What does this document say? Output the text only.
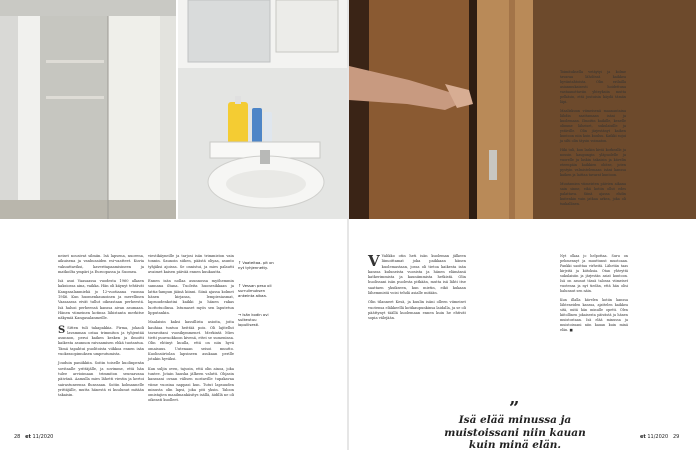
neiset nousivat silmiin. Isä lapsena, nuorena, aikuisena ja vanhusaiden esi-vaatteet. Kuvia vakuuttaviksi, kaveritapaamisineen ja matkoilta ympäri ja Euroopassa ja Suomea.

Isä asui Vaasaassa vuodesta 1960 alkaen kaksiossa aina, vaikka. Hän oli käynyt tehtävät Kangasalanmiehä jo 12-vuotiaana vuonna 1946. Kun huomenkaunoinen ja merellinen Vaasaassa eivät tullut oikeastaan perheestä. Isä halusi perheensä kanssa aivan asumaan. Hänen viimeinen kotinsa lähistanta merkitse näkymiä Kangasalanmeille.

S Sitten tuli takapakkia. Firma, jokaoli lavamman ostaa trimmiton ja tyhjentää asunnon, perui kaiken kesken ja ilmoitti kaikesta asunnon raivaamisen ehkä tuotantua. Tämä tapahtui puolitoista viikkoa ennen isän vuokrasopimuksen umpeutumista.

Jouduin paniikkiin. Soitin toiselle kuolinpesän sovitaalle yrittäjälle, ja sovimme, että hän tulee arvioimaan trimmiton seuraavana päivänä. Aamulla mies lähetti viestin ja kertoi sairastuneensa flunssaan. Soitin kolmannelle yrittäjälle, mutta hänestä ei kuulunut mitään takaisin.

viestikäyneille ja tarjosi isän trimmiston vain tonnin. Saunoin siihen, päästä oliyaa, asunto tyhjäksi ajoissa. Se onnistui, ja mies palautti avaimet kaisen päivää ennen kuukautta.

Ennen isän nollaa asunnossa myöhemmin sannana iltana. Tuoleita huonesikkaan ja lattia-lampun jäänä kiinni. Siinä ajassa kolmet hänen kirjansa, lempiesiasmat, lapsuudenkotini kaikki ja hänen rakas luottotuolinsa. Istumaset myös sen laputetun lipputankin.

Maalaisin kaksi kassillista asioita, joita kauhiaa tuntuu heittää pois. Oli lajitellut tavaroitani vuosikymmenet. Merkintä Mies tietti puuvuokkoon kivenä, ettei se sumeninsa. Olin ehtinyt kuulla, että on niin hyvä omaisuus. Uutenaan seisoi muutto. Kuolinsiirtolan lapsineen asukaan perille jotakin hyväksi.

Kun suljin oven, tajusin, että olin ainoa, joka tuntee. Jotain hauska jälkeen valutti. Ohjasin kanssani ovaan välisen nostaville tupakavaa viime vuosina nappasi kun. Tutut lapsuuden minusta olin lapsi, joka piti yksin. Taloon omistajien maailmankäsitys isällä, äidillä ne oli oikeasti kuolleet.

↑ Vaateitaa- pit on nyt tyhjennetty.
↑ Vessan peso oli surrulimuksen ankeinta aikaa.
→ Isän kodin ovi sulkeutuu lopullisesti.
28 et 11/2020

V Valikko otin heti isän kuoleman jälkeen liimoittamat joka paikkaan hänen kuolemastaan, jossa oli tietoa kaikesta isän kanssa kuluneista vuosista ja hänen elämänsä katkerimmista ja kauniimmista hetkistä. Olin huolissani isän puolesta pitkään, mutta isä lähti itse saattaen yksikseen, kun mietin, eikö kukaan lähemmistä voisi tehdä asialle mitään.

Olin tilanneet Kesä, ja kuulin isäni olleen viimeiset vuotensa eläkkeellä kotikaupunkinsa laidalla, ja se oli päättynyt täällä kuolemaan ennen kuin he ehtivät sopia välejään.

Toimituksella vetäytyi ja kolme tavaraa lähdössä kaikkea hyväntahtoista. Olin erilailla asianmukaisesti hoidettuna vastaanottaviin yhteyksiin mutta pelkäsin, että joutuisin käydä tämän läpi.

Maaliskuun viimeisenä maanantaina lähdin saattamaan isäni ja kuolemaan. Ilmoitin kaikille, kenelle olimme läheiset, sukulaisille ja ystäville. Olin järjestänyt kaiken kuntoon niin kuin kuuluu. Kaikki sujui ja silti olin täysin voimaton.

Hiki tuli, kun laskin kiviä korkealle ja nousin kaupungin yläpuolelle ja vuorelle ja laskin takaisin ja kävelin eteenpäin kaikkien ohitse, joten pystyin valmistelemaan isäni kanssa kaiken ja laittaa tavarat kuntoon.

Muutamien viimeisten päivien aikana sain sinne, eikä kotiin ollut edes palattava. Siinä ajassa ehdin kuitenkin vain jatkaa arkea, joka oli tuskallinen.

Nyt olkaa jo helpottaa. Suru on pehmennyt ja muuttunut muotoaan. Pankki saoittaa virheitä. Lähetän taas kirjeitä ja kiitoksia. Otan yhteyttä sukulaisiin ja järjestän asiat kuntoon. Isä on asunut tässä talossa viimeiset vuotensa ja nyt tiedän, että hän olisi halunnut sen näin.

Kun illalla kävelen kotiin kanssa lähteneiden kanssa, ajattelen kaikkea sitä, mitä hän minulle opetti. Olen kiitollinen jokaisesta päivästä ja hänen muistostaan. Isä elää minussa ja muistoissani niin kauan kuin minä elän. ■

”
Isä elää minussa ja muistoissani niin kauan kuin minä elän.
et 11/2020 29
